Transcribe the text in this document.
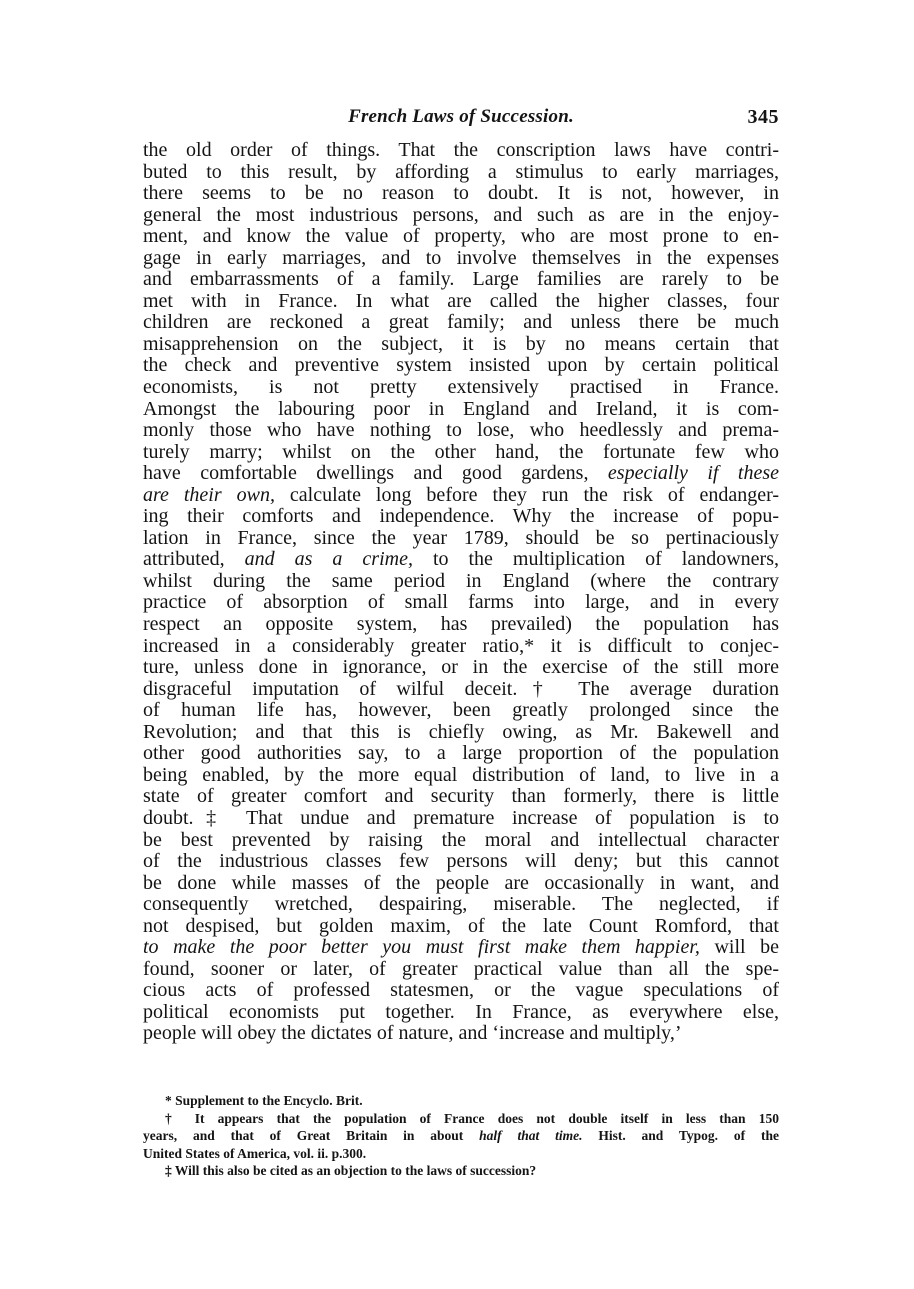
French Laws of Succession.	345
the old order of things. That the conscription laws have contri-
buted to this result, by affording a stimulus to early marriages,
there seems to be no reason to doubt. It is not, however, in
general the most industrious persons, and such as are in the enjoy-
ment, and know the value of property, who are most prone to en-
gage in early marriages, and to involve themselves in the expenses
and embarrassments of a family. Large families are rarely to be
met with in France. In what are called the higher classes, four
children are reckoned a great family; and unless there be much
misapprehension on the subject, it is by no means certain that
the check and preventive system insisted upon by certain political
economists, is not pretty extensively practised in France.
Amongst the labouring poor in England and Ireland, it is com-
monly those who have nothing to lose, who heedlessly and prema-
turely marry; whilst on the other hand, the fortunate few who
have comfortable dwellings and good gardens, especially if these
are their own, calculate long before they run the risk of endanger-
ing their comforts and independence. Why the increase of popu-
lation in France, since the year 1789, should be so pertinaciously
attributed, and as a crime, to the multiplication of landowners,
whilst during the same period in England (where the contrary
practice of absorption of small farms into large, and in every
respect an opposite system, has prevailed) the population has
increased in a considerably greater ratio,* it is difficult to conjec-
ture, unless done in ignorance, or in the exercise of the still more
disgraceful imputation of wilful deceit.† The average duration
of human life has, however, been greatly prolonged since the
Revolution; and that this is chiefly owing, as Mr. Bakewell and
other good authorities say, to a large proportion of the population
being enabled, by the more equal distribution of land, to live in a
state of greater comfort and security than formerly, there is little
doubt.‡ That undue and premature increase of population is to
be best prevented by raising the moral and intellectual character
of the industrious classes few persons will deny; but this cannot
be done while masses of the people are occasionally in want, and
consequently wretched, despairing, miserable. The neglected, if
not despised, but golden maxim, of the late Count Romford, that
to make the poor better you must first make them happier, will be
found, sooner or later, of greater practical value than all the spe-
cious acts of professed statesmen, or the vague speculations of
political economists put together. In France, as everywhere else,
people will obey the dictates of nature, and ‘increase and multiply,’
* Supplement to the Encyclo. Brit.
† It appears that the population of France does not double itself in less than 150
years, and that of Great Britain in about half that time. Hist. and Typog. of the
United States of America, vol. ii. p.300.
‡ Will this also be cited as an objection to the laws of succession?
